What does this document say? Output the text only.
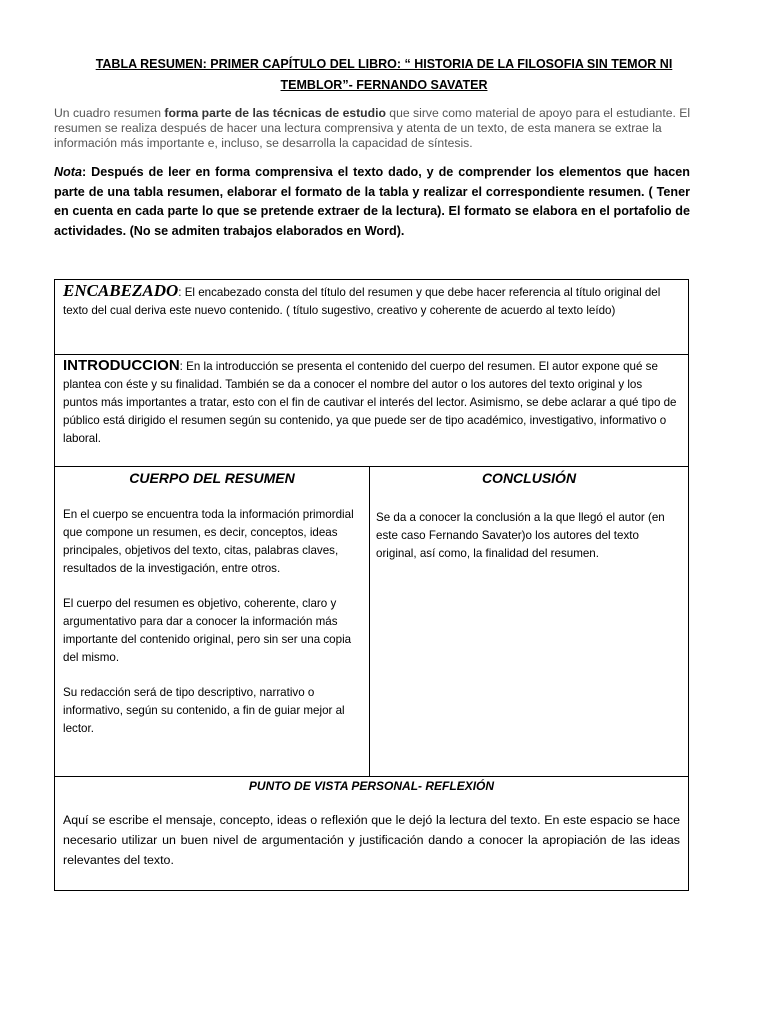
TABLA RESUMEN: PRIMER CAPÍTULO DEL LIBRO: “ HISTORIA DE LA FILOSOFIA SIN TEMOR NI TEMBLOR”- FERNANDO SAVATER

Un cuadro resumen forma parte de las técnicas de estudio que sirve como material de apoyo para el estudiante. El resumen se realiza después de hacer una lectura comprensiva y atenta de un texto, de esta manera se extrae la información más importante e, incluso, se desarrolla la capacidad de síntesis.

Nota: Después de leer en forma comprensiva el texto dado, y de comprender los elementos que hacen parte de una tabla resumen, elaborar el formato de la tabla y realizar el correspondiente resumen. ( Tener en cuenta en cada parte lo que se pretende extraer de la lectura). El formato se elabora en el portafolio de actividades. (No se admiten trabajos elaborados en Word).

ENCABEZADO: El encabezado consta del título del resumen y que debe hacer referencia al título original del texto del cual deriva este nuevo contenido. ( título sugestivo, creativo y coherente de acuerdo al texto leído)

INTRODUCCION: En la introducción se presenta el contenido del cuerpo del resumen. El autor expone qué se plantea con éste y su finalidad. También se da a conocer el nombre del autor o los autores del texto original y los puntos más importantes a tratar, esto con el fin de cautivar el interés del lector. Asimismo, se debe aclarar a qué tipo de público está dirigido el resumen según su contenido, ya que puede ser de tipo académico, investigativo, informativo o laboral.

CUERPO DEL RESUMEN

En el cuerpo se encuentra toda la información primordial que compone un resumen, es decir, conceptos, ideas principales, objetivos del texto, citas, palabras claves, resultados de la investigación, entre otros.

El cuerpo del resumen es objetivo, coherente, claro y argumentativo para dar a conocer la información más importante del contenido original, pero sin ser una copia del mismo.

Su redacción será de tipo descriptivo, narrativo o informativo, según su contenido, a fin de guiar mejor al lector.

CONCLUSIÓN

Se da a conocer la conclusión a la que llegó el autor (en este caso Fernando Savater)o los autores del texto original, así como, la finalidad del resumen.

PUNTO DE VISTA PERSONAL- REFLEXIÓN

Aquí se escribe el mensaje, concepto, ideas o reflexión que le dejó la lectura del texto. En este espacio se hace necesario utilizar un buen nivel de argumentación y justificación dando a conocer la apropiación de las ideas relevantes del texto.
